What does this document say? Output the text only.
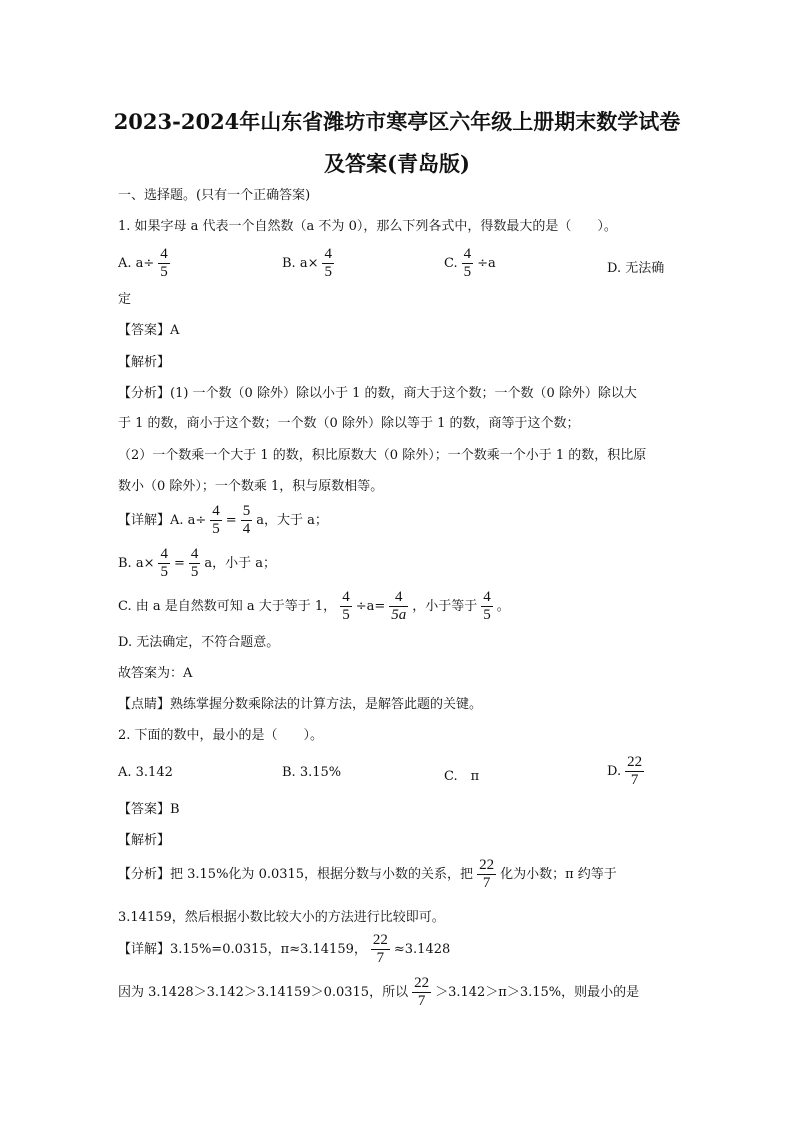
2023-2024年山东省潍坊市寒亭区六年级上册期末数学试卷
及答案(青岛版)
一、选择题。(只有一个正确答案)
1. 如果字母 a 代表一个自然数（a 不为 0），那么下列各式中，得数最大的是（　　）。
A. $a\div \frac{4}{5}$	B. $a\times \frac{4}{5}$	C. $\frac{4}{5} \div a$	D. 无法确
定
【答案】A
【解析】
【分析】(1) 一个数（0 除外）除以小于 1 的数，商大于这个数；一个数（0 除外）除以大
于 1 的数，商小于这个数；一个数（0 除外）除以等于 1 的数，商等于这个数；
（2）一个数乘一个大于 1 的数，积比原数大（0 除外）；一个数乘一个小于 1 的数，积比原
数小（0 除外）；一个数乘 1，积与原数相等。
【详解】A. $a\div \frac{4}{5} = \frac{5}{4}$ a，大于 a；
B. $a\times \frac{4}{5} = \frac{4}{5}$ a，小于 a；
C. 由 a 是自然数可知 a 大于等于 1， $\frac{4}{5} \div a= \frac{4}{5a}$ ，小于等于 $\frac{4}{5}$ 。
D. 无法确定，不符合题意。
故答案为：A
【点睛】熟练掌握分数乘除法的计算方法，是解答此题的关键。
2. 下面的数中，最小的是（　　）。
A. 3.142	B. 3.15%	C.　π	D. $\frac{22}{7}$
【答案】B
【解析】
【分析】把 3.15%化为 0.0315，根据分数与小数的关系，把 $\frac{22}{7}$ 化为小数；π 约等于
3.14159，然后根据小数比较大小的方法进行比较即可。
【详解】3.15%=0.0315，π≈3.14159， $\frac{22}{7} \approx 3.1428$
因为 3.1428＞3.142＞3.14159＞0.0315，所以 $\frac{22}{7} >3.142>\pi>3.15\%$，则最小的是
